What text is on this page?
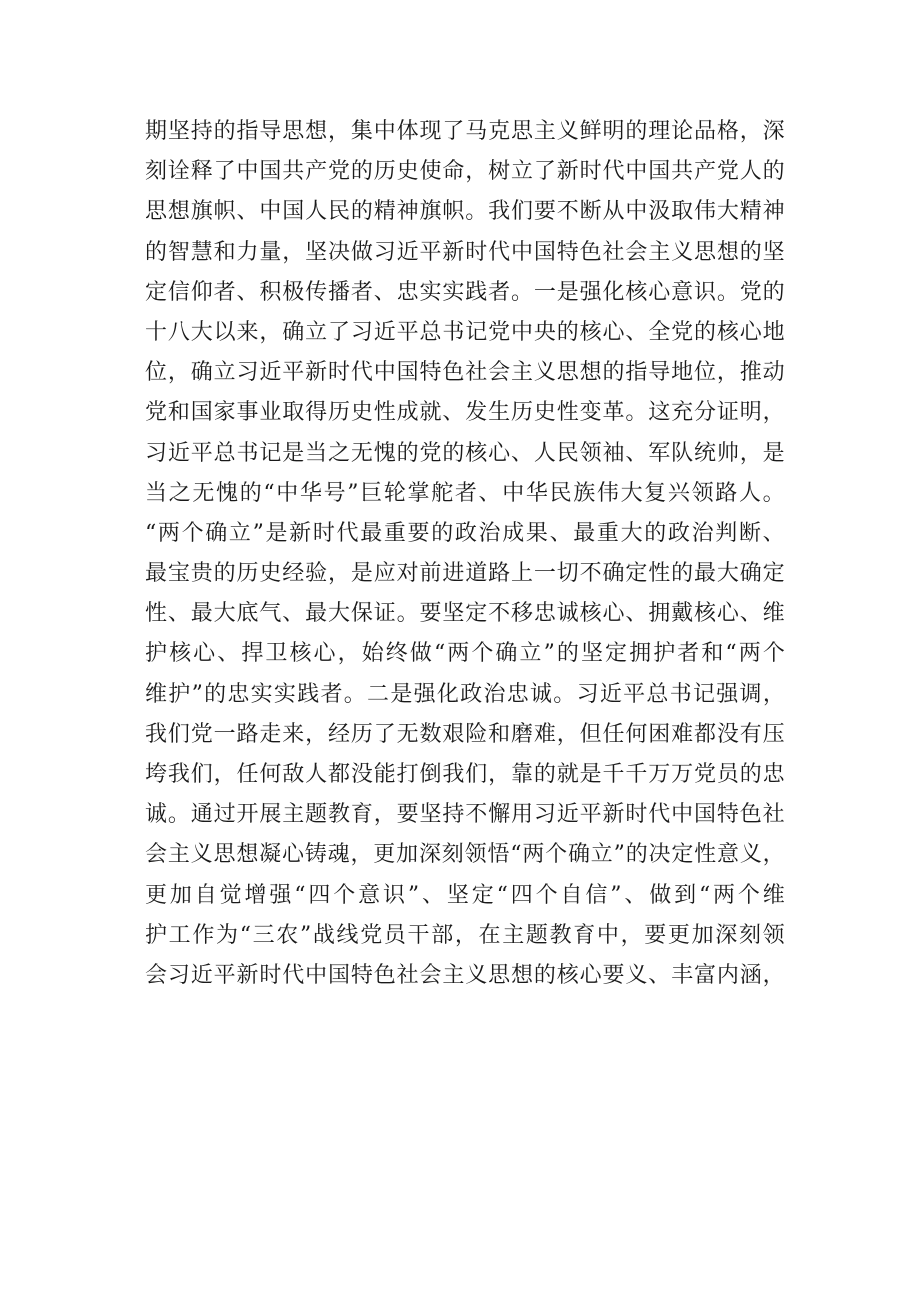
期 坚 持 的 指 导 思 想 ， 集 中 体 现 了 马 克 思 主 义 鲜 明 的 理 论 品 格 ， 深
刻 诠 释 了 中 国 共 产 党 的 历 史 使 命 ， 树 立 了 新 时 代 中 国 共 产 党 人 的
思 想 旗 帜 、 中 国 人 民 的 精 神 旗 帜 。 我 们 要 不 断 从 中 汲 取 伟 大 精 神
的 智 慧 和 力 量 ， 坚 决 做 习 近 平 新 时 代 中 国 特 色 社 会 主 义 思 想 的 坚
定 信 仰 者 、 积 极 传 播 者 、 忠 实 实 践 者 。 一 是 强 化 核 心 意 识 。 党 的
十 八 大 以 来 ， 确 立 了 习 近 平 总 书 记 党 中 央 的 核 心 、 全 党 的 核 心 地
位 ， 确 立 习 近 平 新 时 代 中 国 特 色 社 会 主 义 思 想 的 指 导 地 位 ， 推 动
党 和 国 家 事 业 取 得 历 史 性 成 就 、 发 生 历 史 性 变 革 。 这 充 分 证 明 ，
习 近 平 总 书 记 是 当 之 无 愧 的 党 的 核 心 、 人 民 领 袖 、 军 队 统 帅 ， 是
当 之 无 愧 的 “ 中 华 号 ” 巨 轮 掌 舵 者 、 中 华 民 族 伟 大 复 兴 领 路 人 。
“ 两 个 确 立 ” 是 新 时 代 最 重 要 的 政 治 成 果 、 最 重 大 的 政 治 判 断 、
最 宝 贵 的 历 史 经 验 ， 是 应 对 前 进 道 路 上 一 切 不 确 定 性 的 最 大 确 定
性 、 最 大 底 气 、 最 大 保 证 。 要 坚 定 不 移 忠 诚 核 心 、 拥 戴 核 心 、 维
护 核 心 、 捍 卫 核 心 ， 始 终 做 “ 两 个 确 立 ” 的 坚 定 拥 护 者 和 “ 两 个
维 护 ” 的 忠 实 实 践 者 。 二 是 强 化 政 治 忠 诚 。 习 近 平 总 书 记 强 调 ，
我 们 党 一 路 走 来 ， 经 历 了 无 数 艰 险 和 磨 难 ， 但 任 何 困 难 都 没 有 压
垮 我 们 ， 任 何 敌 人 都 没 能 打 倒 我 们 ， 靠 的 就 是 千 千 万 万 党 员 的 忠
诚 。 通 过 开 展 主 题 教 育 ， 要 坚 持 不 懈 用 习 近 平 新 时 代 中 国 特 色 社
会 主 义 思 想 凝 心 铸 魂 ， 更 加 深 刻 领 悟 “ 两 个 确 立 ” 的 决 定 性 意 义 ，
更 加 自 觉 增 强 “ 四 个 意 识 ” 、 坚 定 “ 四 个 自 信 ” 、 做 到 “ 两 个 维
护 工 作 为 “ 三 农 ” 战 线 党 员 干 部 ， 在 主 题 教 育 中 ， 要 更 加 深 刻 领
会 习 近 平 新 时 代 中 国 特 色 社 会 主 义 思 想 的 核 心 要 义 、 丰 富 内 涵 ，
